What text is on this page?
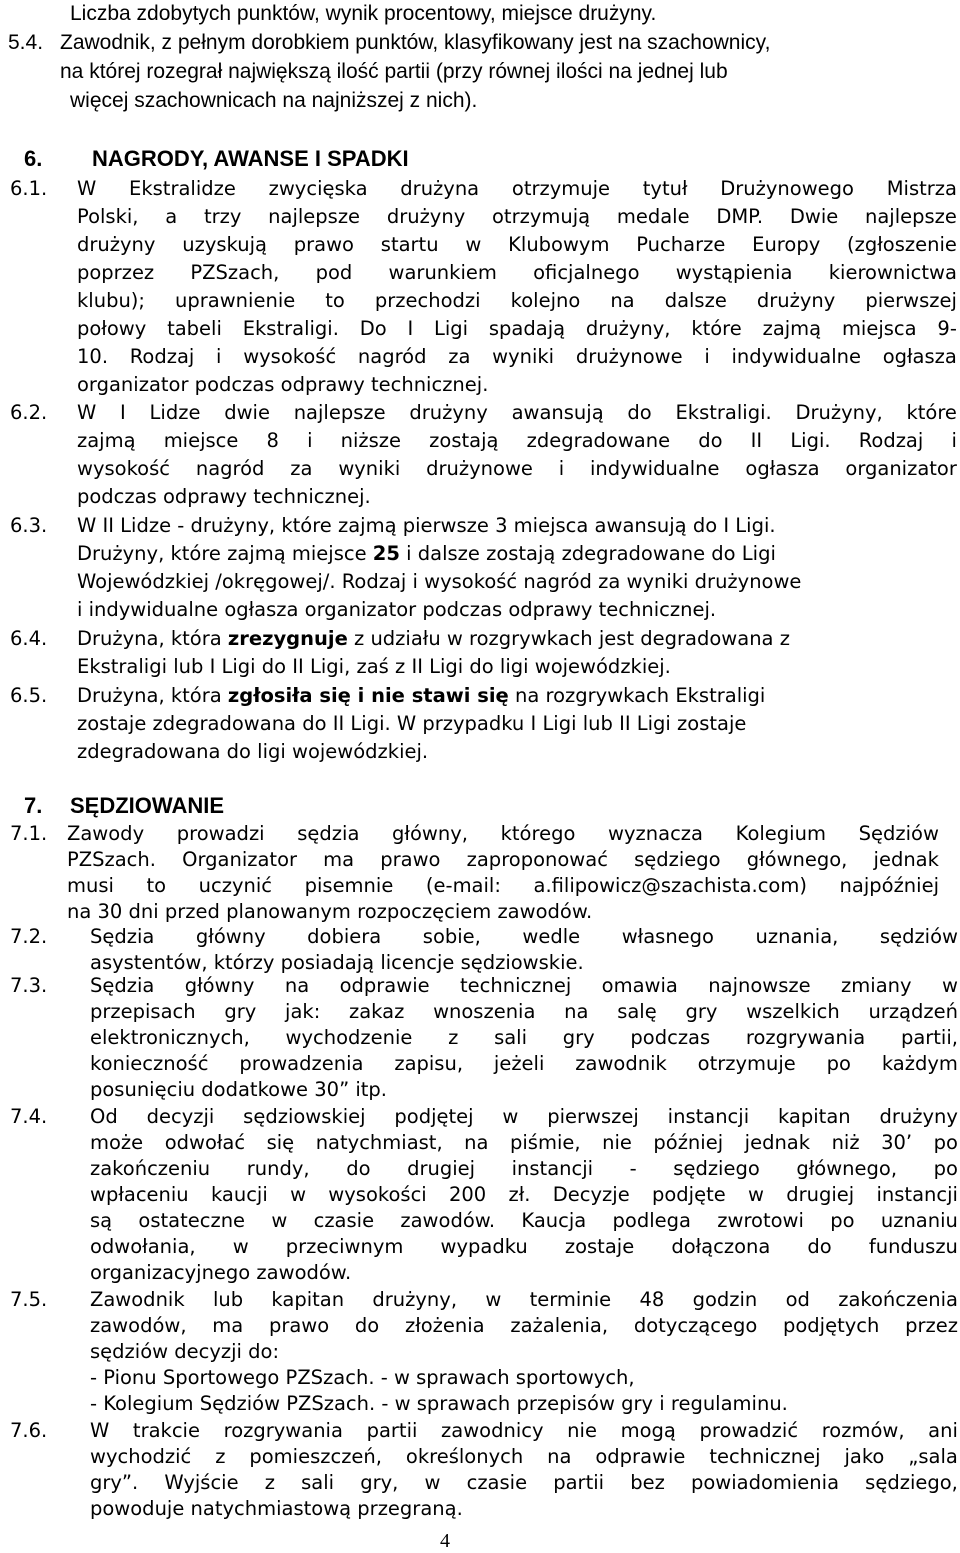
Liczba zdobytych punktów, wynik procentowy, miejsce drużyny.
5.4. Zawodnik, z pełnym dorobkiem punktów, klasyfikowany jest na szachownicy,
na której rozegrał największą ilość partii (przy równej ilości na jednej lub
więcej szachownicach na najniższej z nich).
6. NAGRODY, AWANSE I SPADKI
6.1. W Ekstralidze zwycięska drużyna otrzymuje tytuł Drużynowego Mistrza
Polski, a trzy najlepsze drużyny otrzymują medale DMP. Dwie najlepsze
drużyny uzyskują prawo startu w Klubowym Pucharze Europy (zgłoszenie
poprzez PZSzach, pod warunkiem oficjalnego wystąpienia kierownictwa
klubu); uprawnienie to przechodzi kolejno na dalsze drużyny pierwszej
połowy tabeli Ekstraligi. Do I Ligi spadają drużyny, które zajmą miejsca 9-
10. Rodzaj i wysokość nagród za wyniki drużynowe i indywidualne ogłasza
organizator podczas odprawy technicznej.
6.2. W I Lidze dwie najlepsze drużyny awansują do Ekstraligi. Drużyny, które
zajmą miejsce 8 i niższe zostają zdegradowane do II Ligi. Rodzaj i
wysokość nagród za wyniki drużynowe i indywidualne ogłasza organizator
podczas odprawy technicznej.
6.3. W II Lidze - drużyny, które zajmą pierwsze 3 miejsca awansują do I Ligi.
Drużyny, które zajmą miejsce 25 i dalsze zostają zdegradowane do Ligi
Wojewódzkiej /okręgowej/. Rodzaj i wysokość nagród za wyniki drużynowe
i indywidualne ogłasza organizator podczas odprawy technicznej.
6.4. Drużyna, która zrezygnuje z udziału w rozgrywkach jest degradowana z
Ekstraligi lub I Ligi do II Ligi, zaś z II Ligi do ligi wojewódzkiej.
6.5. Drużyna, która zgłosiła się i nie stawi się na rozgrywkach Ekstraligi
zostaje zdegradowana do II Ligi. W przypadku I Ligi lub II Ligi zostaje
zdegradowana do ligi wojewódzkiej.
7. SĘDZIOWANIE
7.1. Zawody prowadzi sędzia główny, którego wyznacza Kolegium Sędziów
PZSzach. Organizator ma prawo zaproponować sędziego głównego, jednak
musi to uczynić pisemnie (e-mail: a.filipowicz@szachista.com) najpóźniej
na 30 dni przed planowanym rozpoczęciem zawodów.
7.2. Sędzia główny dobiera sobie, wedle własnego uznania, sędziów
asystentów, którzy posiadają licencje sędziowskie.
7.3. Sędzia główny na odprawie technicznej omawia najnowsze zmiany w
przepisach gry jak: zakaz wnoszenia na salę gry wszelkich urządzeń
elektronicznych, wychodzenie z sali gry podczas rozgrywania partii,
konieczność prowadzenia zapisu, jeżeli zawodnik otrzymuje po każdym
posunięciu dodatkowe 30” itp.
7.4. Od decyzji sędziowskiej podjętej w pierwszej instancji kapitan drużyny
może odwołać się natychmiast, na piśmie, nie później jednak niż 30’ po
zakończeniu rundy, do drugiej instancji - sędziego głównego, po
wpłaceniu kaucji w wysokości 200 zł. Decyzje podjęte w drugiej instancji
są ostateczne w czasie zawodów. Kaucja podlega zwrotowi po uznaniu
odwołania, w przeciwnym wypadku zostaje dołączona do funduszu
organizacyjnego zawodów.
7.5. Zawodnik lub kapitan drużyny, w terminie 48 godzin od zakończenia
zawodów, ma prawo do złożenia zażalenia, dotyczącego podjętych przez
sędziów decyzji do:
- Pionu Sportowego PZSzach. - w sprawach sportowych,
- Kolegium Sędziów PZSzach. - w sprawach przepisów gry i regulaminu.
7.6. W trakcie rozgrywania partii zawodnicy nie mogą prowadzić rozmów, ani
wychodzić z pomieszczeń, określonych na odprawie technicznej jako „sala
gry”. Wyjście z sali gry, w czasie partii bez powiadomienia sędziego,
powoduje natychmiastową przegraną.
4
